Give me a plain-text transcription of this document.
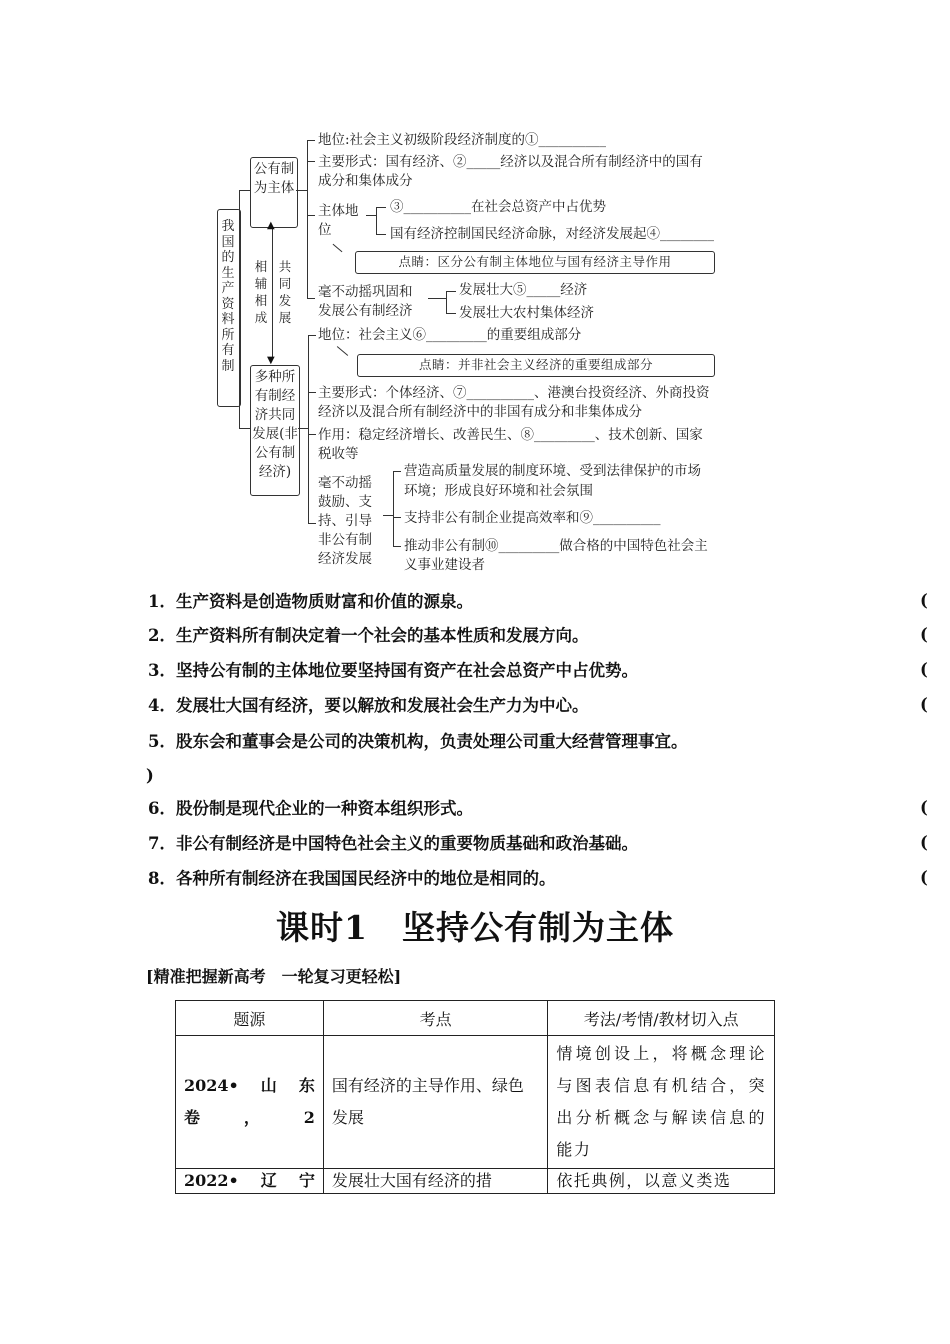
我国的生产资料所有制
公有制为主体
多种所有制经济共同发展(非公有制经济)
▲
▼
相辅相成
共同发展
地位:社会主义初级阶段经济制度的①__________
主要形式：国有经济、②_____经济以及混合所有制经济中的国有
成分和集体成分
主体地
位
③__________在社会总资产中占优势
国有经济控制国民经济命脉，对经济发展起④________
点睛：区分公有制主体地位与国有经济主导作用
毫不动摇巩固和
发展公有制经济
发展壮大⑤_____经济
发展壮大农村集体经济
地位：社会主义⑥_________的重要组成部分
点睛：并非社会主义经济的重要组成部分
主要形式：个体经济、⑦__________、港澳台投资经济、外商投资
经济以及混合所有制经济中的非国有成分和非集体成分
作用：稳定经济增长、改善民生、⑧_________、技术创新、国家
税收等
毫不动摇
鼓励、支
持、引导
非公有制
经济发展
营造高质量发展的制度环境、受到法律保护的市场
环境；形成良好环境和社会氛围
支持非公有制企业提高效率和⑨__________
推动非公有制⑩_________做合格的中国特色社会主
义事业建设者
1．生产资料是创造物质财富和价值的源泉。	(
2．生产资料所有制决定着一个社会的基本性质和发展方向。	(
3．坚持公有制的主体地位要坚持国有资产在社会总资产中占优势。	(
4．发展壮大国有经济，要以解放和发展社会生产力为中心。	(
5．股东会和董事会是公司的决策机构，负责处理公司重大经营管理事宜。
)
6．股份制是现代企业的一种资本组织形式。	(
7．非公有制经济是中国特色社会主义的重要物质基础和政治基础。	(
8．各种所有制经济在我国国民经济中的地位是相同的。	(
课时1　坚持公有制为主体
[精准把握新高考　一轮复习更轻松]
题源	考点	考法/考情/教材切入点
2024•　山　东卷，2	国有经济的主导作用、绿色发展	情境创设上，将概念理论与图表信息有机结合，突出分析概念与解读信息的能力
2022•　辽　宁	发展壮大国有经济的措	依托典例，以意义类选
